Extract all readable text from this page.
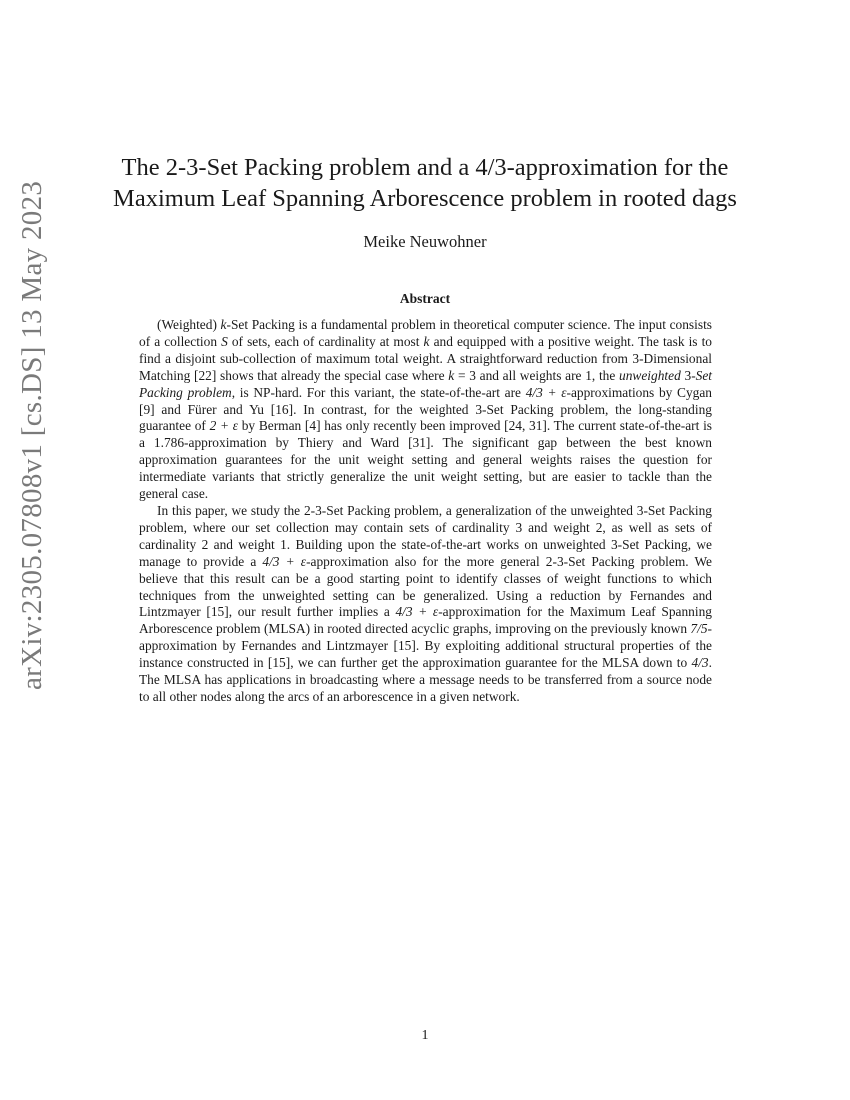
arXiv:2305.07808v1 [cs.DS] 13 May 2023
The 2-3-Set Packing problem and a 4/3-approximation for the
Maximum Leaf Spanning Arborescence problem in rooted dags
Meike Neuwohner
Abstract

(Weighted) k-Set Packing is a fundamental problem in theoretical computer science. The input consists of a collection S of sets, each of cardinality at most k and equipped with a positive weight. The task is to find a disjoint sub-collection of maximum total weight. A straightforward reduction from 3-Dimensional Matching [22] shows that already the special case where k = 3 and all weights are 1, the unweighted 3-Set Packing problem, is NP-hard. For this variant, the state-of-the-art are 4/3 + ε-approximations by Cygan [9] and Fürer and Yu [16]. In contrast, for the weighted 3-Set Packing problem, the long-standing guarantee of 2 + ε by Berman [4] has only recently been improved [24, 31]. The current state-of-the-art is a 1.786-approximation by Thiery and Ward [31]. The significant gap between the best known approximation guarantees for the unit weight setting and general weights raises the question for intermediate variants that strictly generalize the unit weight setting, but are easier to tackle than the general case.

In this paper, we study the 2-3-Set Packing problem, a generalization of the unweighted 3-Set Packing problem, where our set collection may contain sets of cardinality 3 and weight 2, as well as sets of cardinality 2 and weight 1. Building upon the state-of-the-art works on unweighted 3-Set Packing, we manage to provide a 4/3 + ε-approximation also for the more general 2-3-Set Packing problem. We believe that this result can be a good starting point to identify classes of weight functions to which techniques from the unweighted setting can be generalized. Using a reduction by Fernandes and Lintzmayer [15], our result further implies a 4/3 + ε-approximation for the Maximum Leaf Spanning Arborescence problem (MLSA) in rooted directed acyclic graphs, improving on the previously known 7/5-approximation by Fernandes and Lintzmayer [15]. By exploiting additional structural properties of the instance constructed in [15], we can further get the approximation guarantee for the MLSA down to 4/3. The MLSA has applications in broadcasting where a message needs to be transferred from a source node to all other nodes along the arcs of an arborescence in a given network.

1
